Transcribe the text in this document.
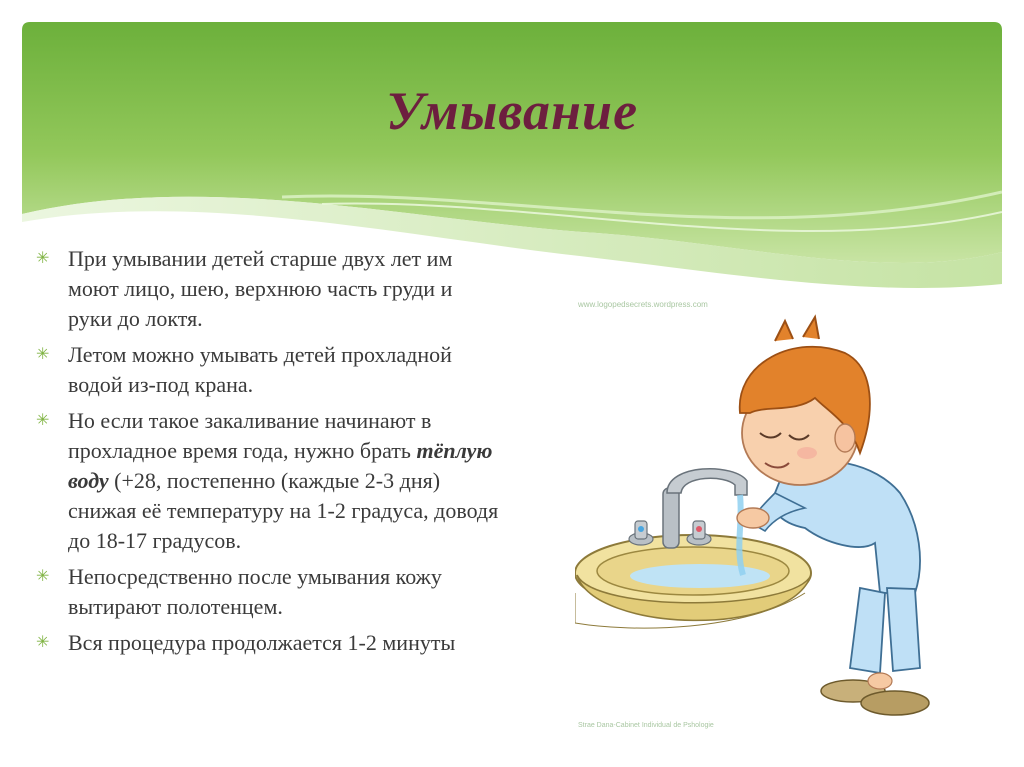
Умывание
✳ При умывании детей старше двух лет им моют лицо, шею, верхнюю часть груди и руки до локтя.
✳ Летом можно умывать детей прохладной водой из-под крана.
✳ Но если такое закаливание начинают в прохладное время года, нужно брать тёплую воду (+28, постепенно (каждые 2-3 дня) снижая её температуру на 1-2 градуса, доводя до 18-17 градусов.
✳ Непосредственно после умывания кожу вытирают полотенцем.
✳ Вся процедура продолжается 1-2 минуты
www.logopedsecrets.wordpress.com
Strae Dana-Cabinet Individual de Pshologie
